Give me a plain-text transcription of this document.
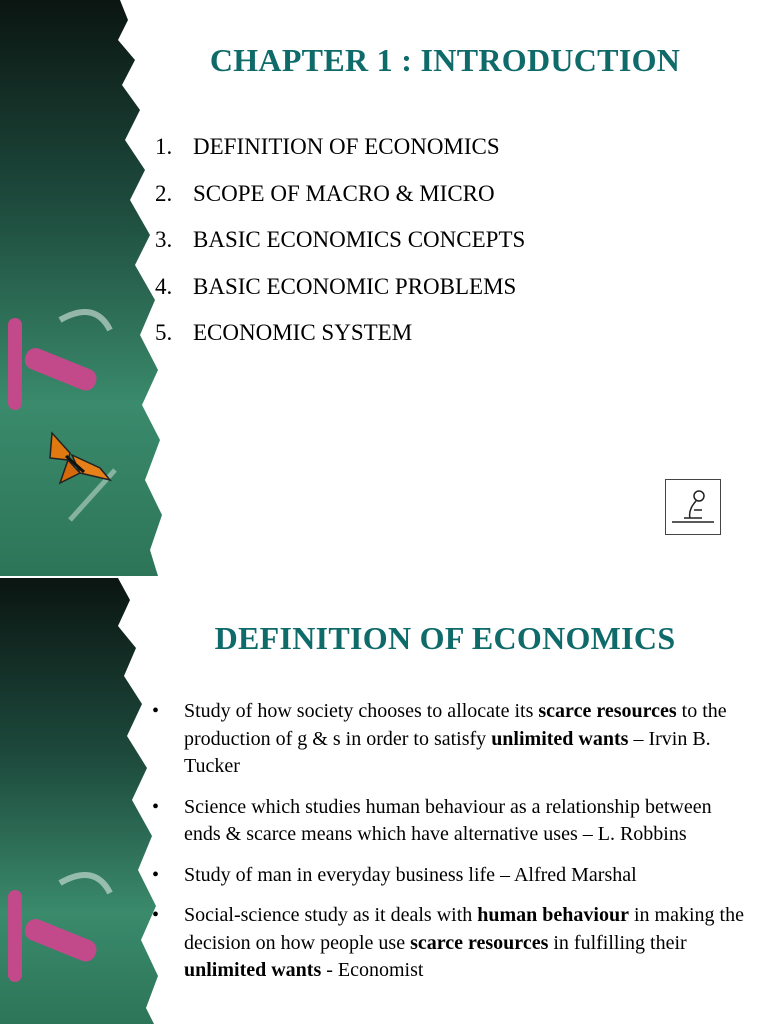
CHAPTER 1 : INTRODUCTION
1. DEFINITION OF ECONOMICS
2. SCOPE OF MACRO & MICRO
3. BASIC ECONOMICS CONCEPTS
4. BASIC ECONOMIC PROBLEMS
5. ECONOMIC SYSTEM
DEFINITION OF ECONOMICS
• Study of how society chooses to allocate its scarce resources to the production of g & s in order to satisfy unlimited wants – Irvin B. Tucker
• Science which studies human behaviour as a relationship between ends & scarce means which have alternative uses – L. Robbins
• Study of man in everyday business life – Alfred Marshal
• Social-science study as it deals with human behaviour in making the decision on how people use scarce resources in fulfilling their unlimited wants - Economist
